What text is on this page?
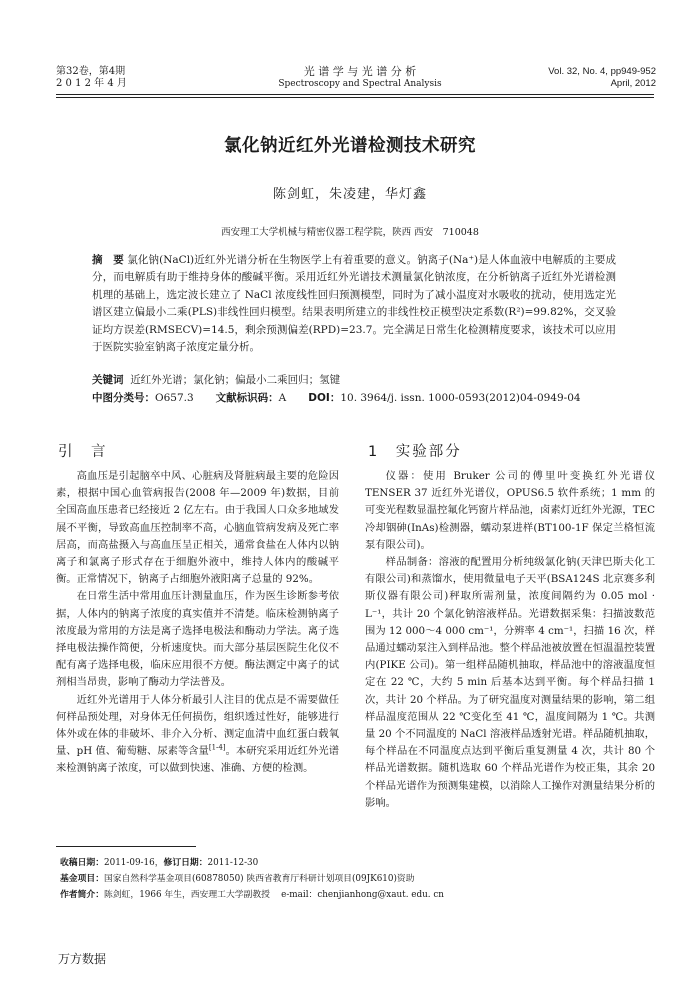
第32卷，第4期
2 0 1 2 年 4 月
光 谱 学 与 光 谱 分 析
Spectroscopy and Spectral Analysis
Vol. 32, No. 4, pp949-952
April, 2012
氯化钠近红外光谱检测技术研究
陈剑虹，朱凌建，华灯鑫
西安理工大学机械与精密仪器工程学院，陕西 西安　710048
摘　要 氯化钠(NaCl)近红外光谱分析在生物医学上有着重要的意义。钠离子(Na⁺)是人体血液中电解质的主要成分，而电解质有助于维持身体的酸碱平衡。采用近红外光谱技术测量氯化钠浓度，在分析钠离子近红外光谱检测机理的基础上，选定波长建立了 NaCl 浓度线性回归预测模型，同时为了减小温度对水吸收的扰动，使用选定光谱区建立偏最小二乘(PLS)非线性回归模型。结果表明所建立的非线性校正模型决定系数(R²)=99.82%，交叉验证均方误差(RMSECV)=14.5，剩余预测偏差(RPD)=23.7。完全满足日常生化检测精度要求，该技术可以应用于医院实验室钠离子浓度定量分析。
关键词 近红外光谱；氯化钠；偏最小二乘回归；氢键
中图分类号：O657.3 文献标识码：A DOI：10. 3964/j. issn. 1000-0593(2012)04-0949-04
引　言	1　实验部分

高血压是引起脑卒中风、心脏病及肾脏病最主要的危险因素，根据中国心血管病报告(2008 年—2009 年)数据，目前全国高血压患者已经接近 2 亿左右。由于我国人口众多地域发展不平衡，导致高血压控制率不高，心脑血管病发病及死亡率居高，而高盐摄入与高血压呈正相关，通常食盐在人体内以钠离子和氯离子形式存在于细胞外液中，维持人体内的酸碱平衡。正常情况下，钠离子占细胞外液阳离子总量的 92%。

在日常生活中常用血压计测量血压，作为医生诊断参考依据，人体内的钠离子浓度的真实值并不清楚。临床检测钠离子浓度最为常用的方法是离子选择电极法和酶动力学法。离子选择电极法操作简便，分析速度快。而大部分基层医院生化仪不配有离子选择电极，临床应用很不方便。酶法测定中离子的试剂相当昂贵，影响了酶动力学法普及。

近红外光谱用于人体分析最引人注目的优点是不需要做任何样品预处理，对身体无任何损伤，组织透过性好，能够进行体外或在体的非破坏、非介入分析、测定血清中血红蛋白载氧量、pH 值、葡萄糖、尿素等含量[1-4]。本研究采用近红外光谱来检测钠离子浓度，可以做到快速、准确、方便的检测。

仪器：使用 Bruker 公司的傅里叶变换红外光谱仪 TENSER 37 近红外光谱仪，OPUS6.5 软件系统；1 mm 的可变光程数显温控氟化钙窗片样品池，卤素灯近红外光源，TEC 冷却铟砷(InAs)检测器，蠕动泵进样(BT100-1F 保定兰格恒流泵有限公司)。

样品制备：溶液的配置用分析纯级氯化钠(天津巴斯夫化工有限公司)和蒸馏水，使用微量电子天平(BSA124S 北京赛多利斯仪器有限公司)秤取所需剂量，浓度间隔约为 0.05 mol · L⁻¹，共计 20 个氯化钠溶液样品。光谱数据采集：扫描波数范围为 12 000～4 000 cm⁻¹，分辨率 4 cm⁻¹，扫描 16 次，样品通过蠕动泵注入到样品池。整个样品池被放置在恒温温控装置内(PIKE 公司)。第一组样品随机抽取，样品池中的溶液温度恒定在 22 ℃，大约 5 min 后基本达到平衡。每个样品扫描 1 次，共计 20 个样品。为了研究温度对测量结果的影响，第二组样品温度范围从 22 ℃变化至 41 ℃，温度间隔为 1 ℃。共测量 20 个不同温度的 NaCl 溶液样品透射光谱。样品随机抽取，每个样品在不同温度点达到平衡后重复测量 4 次，共计 80 个样品光谱数据。随机选取 60 个样品光谱作为校正集，其余 20 个样品光谱作为预测集建模，以消除人工操作对测量结果分析的影响。

收稿日期：2011-09-16，修订日期：2011-12-30
基金项目：国家自然科学基金项目(60878050) 陕西省教育厅科研计划项目(09JK610)资助
作者简介：陈剑虹，1966 年生，西安理工大学副教授 e-mail：chenjianhong@xaut. edu. cn
万方数据
